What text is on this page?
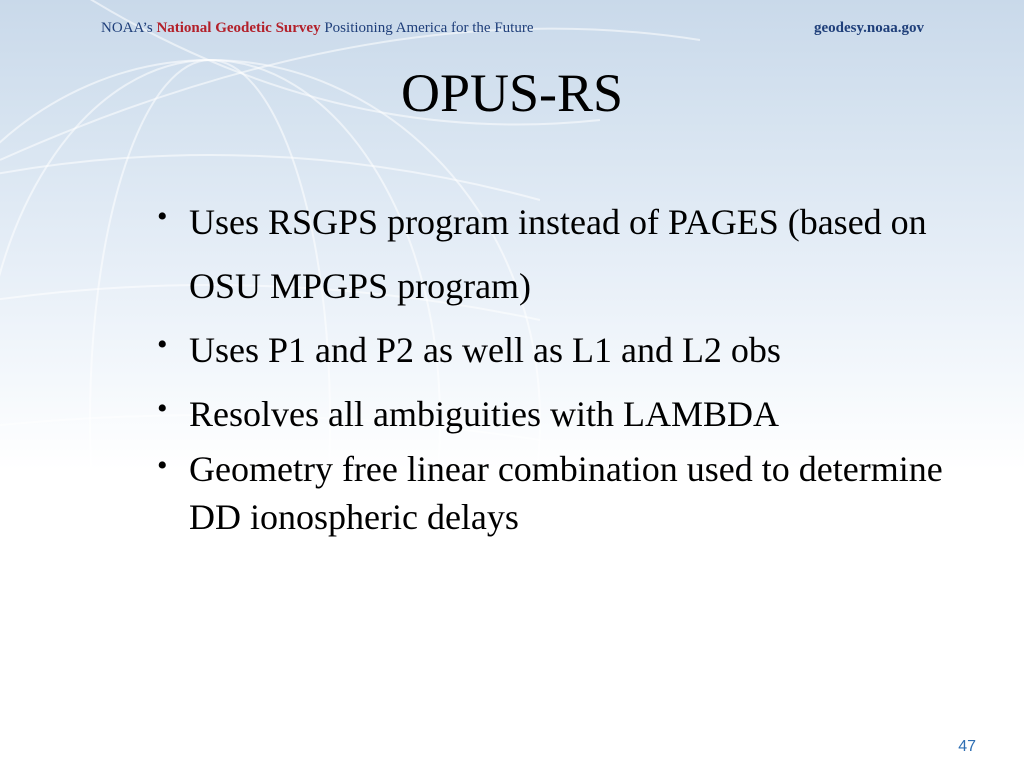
NOAA’s National Geodetic Survey Positioning America for the Future	geodesy.noaa.gov
OPUS-RS
• Uses RSGPS program instead of PAGES (based on OSU MPGPS program)
• Uses P1 and P2 as well as L1 and L2 obs
• Resolves all ambiguities with LAMBDA
• Geometry free linear combination used to determine DD ionospheric delays
47
